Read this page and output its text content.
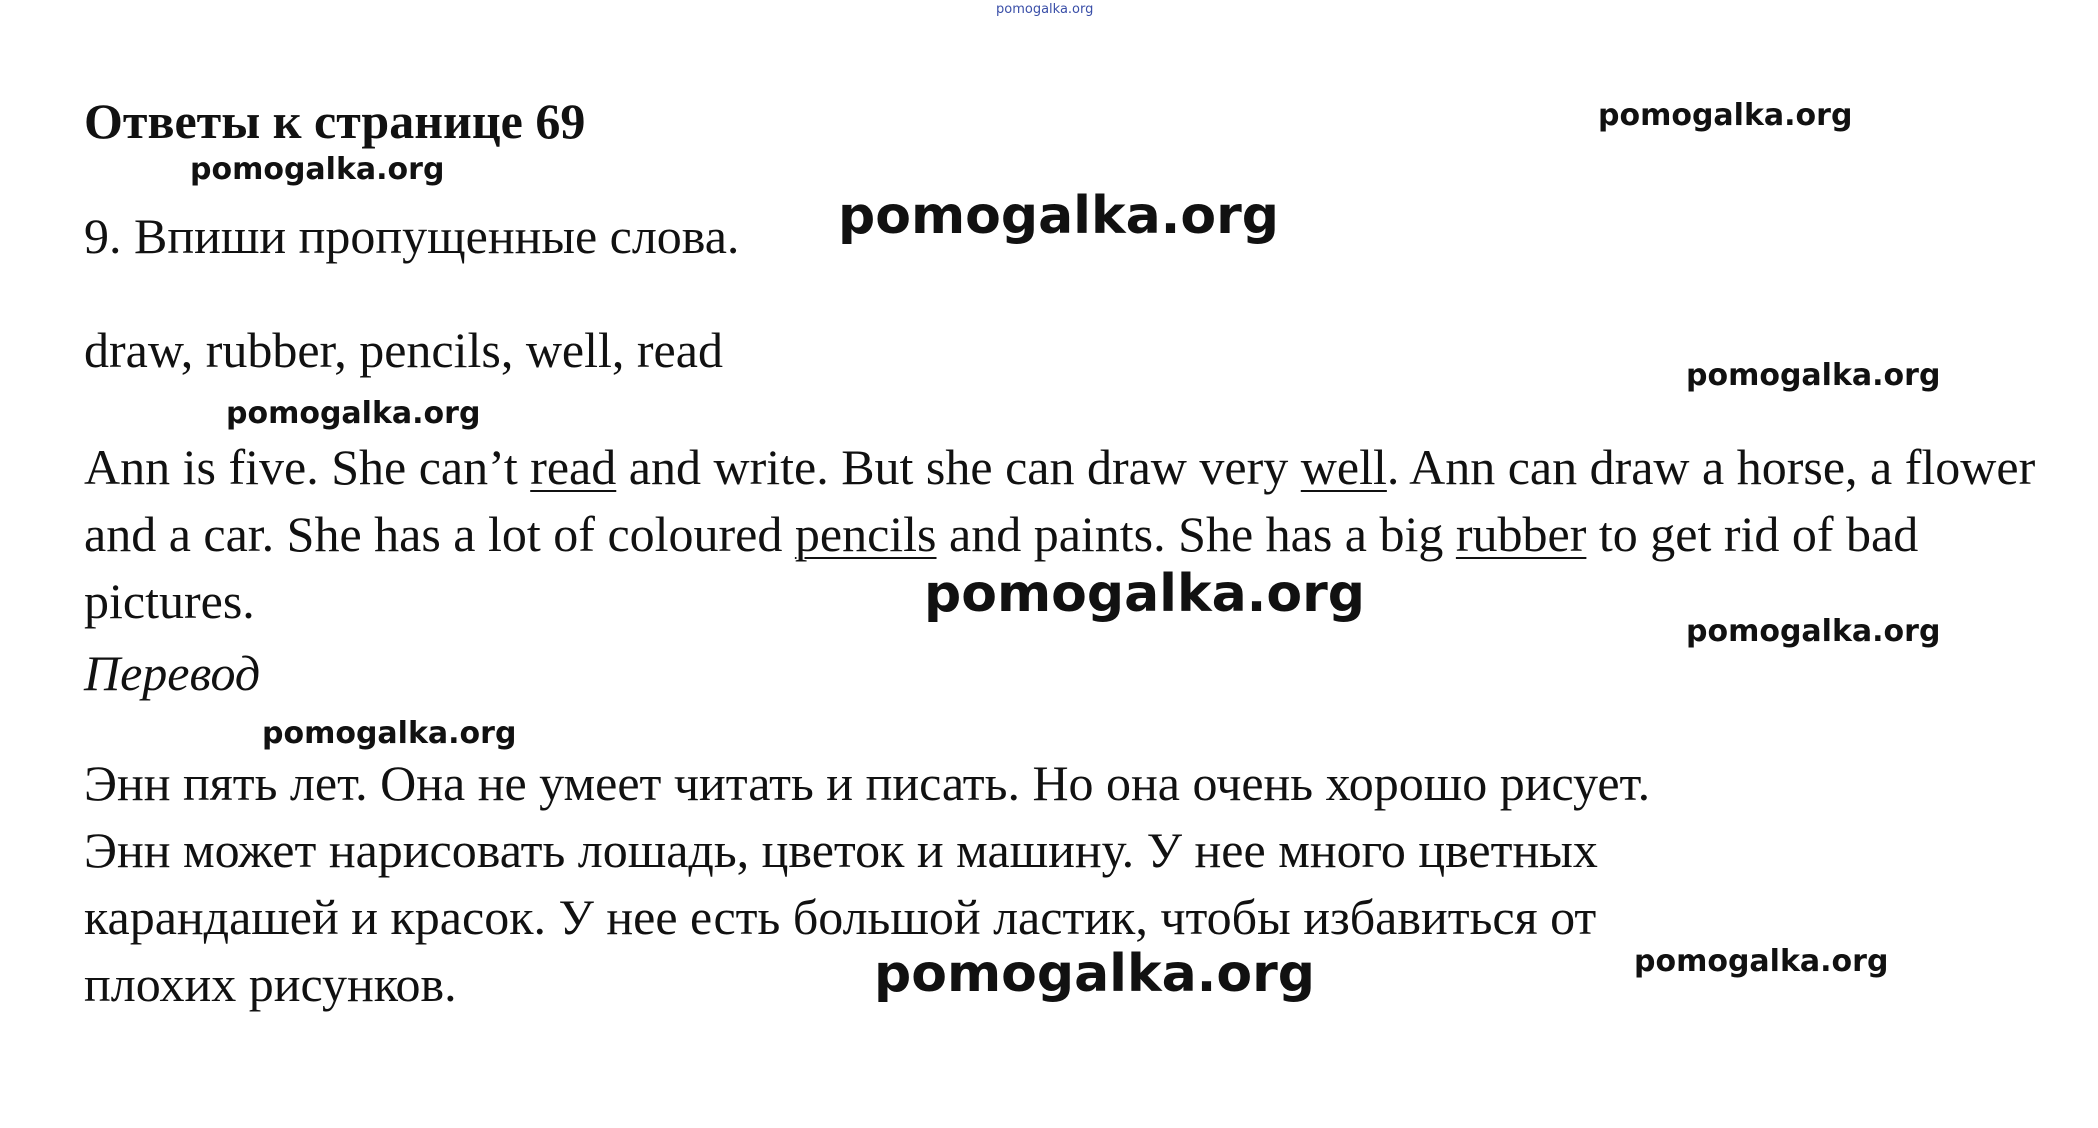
pomogalka.org
Ответы к странице 69
9. Впиши пропущенные слова.
draw, rubber, pencils, well, read
Ann is five. She can’t read and write. But she can draw very well. Ann can draw a horse, a flower and a car. She has a lot of coloured pencils and paints. She has a big rubber to get rid of bad pictures.
Перевод
Энн пять лет. Она не умеет читать и писать. Но она очень хорошо рисует.
Энн может нарисовать лошадь, цветок и машину. У нее много цветных
карандашей и красок. У нее есть большой ластик, чтобы избавиться от
плохих рисунков.
pomogalka.org
pomogalka.org
pomogalka.org
pomogalka.org
pomogalka.org
pomogalka.org
pomogalka.org
pomogalka.org
pomogalka.org	pomogalka.org
